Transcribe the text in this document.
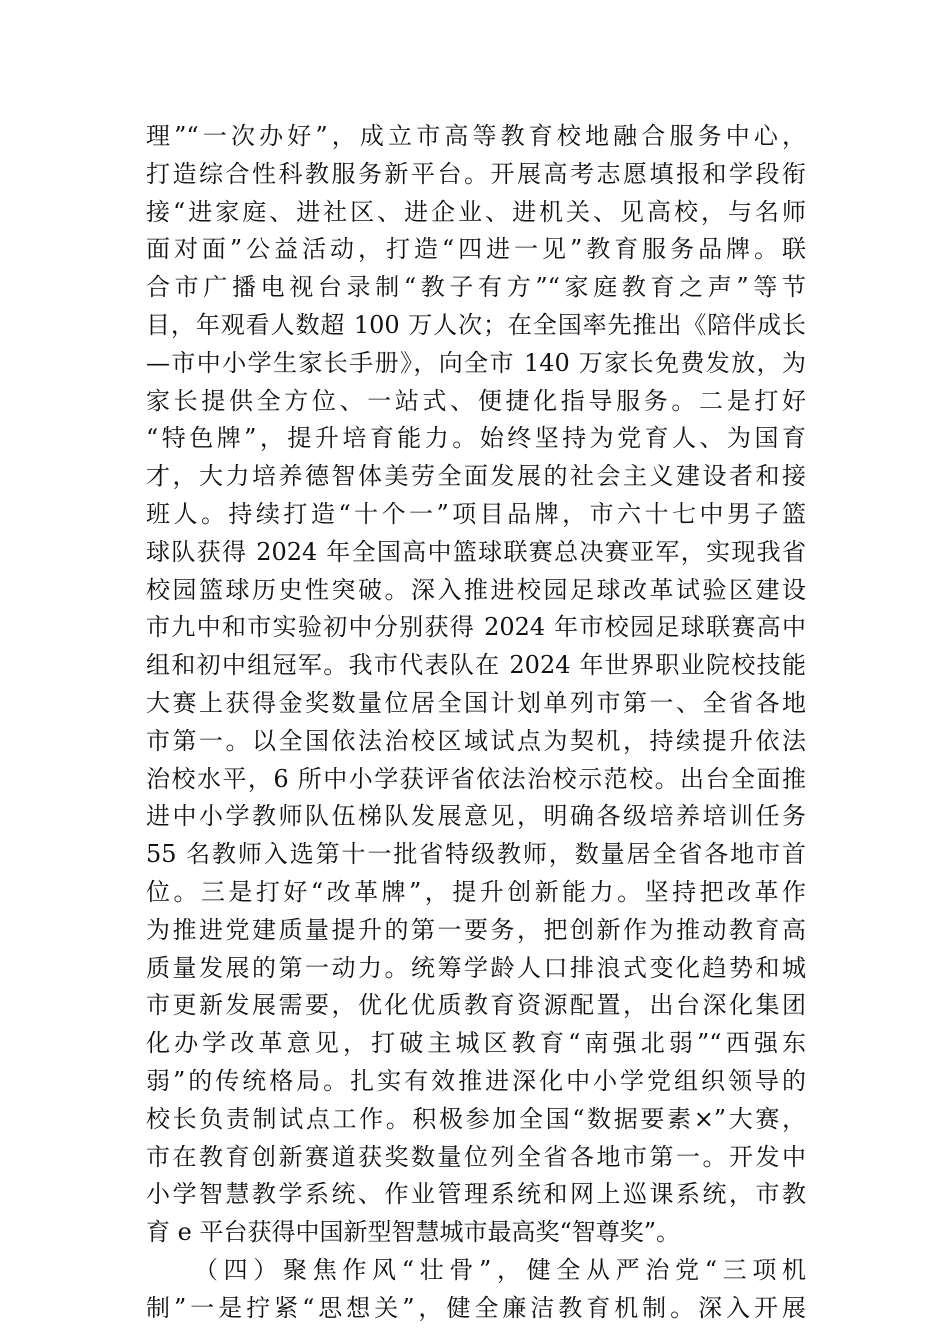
理”“一次办好”，成立市高等教育校地融合服务中心，
打造综合性科教服务新平台。开展高考志愿填报和学段衔
接“进家庭、进社区、进企业、进机关、见高校，与名师
面对面”公益活动，打造“四进一见”教育服务品牌。联
合市广播电视台录制“教子有方”“家庭教育之声”等节
目，年观看人数超 100 万人次；在全国率先推出《陪伴成长
—市中小学生家长手册》，向全市 140 万家长免费发放，为
家长提供全方位、一站式、便捷化指导服务。二是打好
“特色牌”，提升培育能力。始终坚持为党育人、为国育
才，大力培养德智体美劳全面发展的社会主义建设者和接
班人。持续打造“十个一”项目品牌，市六十七中男子篮
球队获得 2024 年全国高中篮球联赛总决赛亚军，实现我省
校园篮球历史性突破。深入推进校园足球改革试验区建设
市九中和市实验初中分别获得 2024 年市校园足球联赛高中
组和初中组冠军。我市代表队在 2024 年世界职业院校技能
大赛上获得金奖数量位居全国计划单列市第一、全省各地
市第一。以全国依法治校区域试点为契机，持续提升依法
治校水平，6 所中小学获评省依法治校示范校。出台全面推
进中小学教师队伍梯队发展意见，明确各级培养培训任务
55 名教师入选第十一批省特级教师，数量居全省各地市首
位。三是打好“改革牌”，提升创新能力。坚持把改革作
为推进党建质量提升的第一要务，把创新作为推动教育高
质量发展的第一动力。统筹学龄人口排浪式变化趋势和城
市更新发展需要，优化优质教育资源配置，出台深化集团
化办学改革意见，打破主城区教育“南强北弱”“西强东
弱”的传统格局。扎实有效推进深化中小学党组织领导的
校长负责制试点工作。积极参加全国“数据要素×”大赛，
市在教育创新赛道获奖数量位列全省各地市第一。开发中
小学智慧教学系统、作业管理系统和网上巡课系统，市教
育 e 平台获得中国新型智慧城市最高奖“智尊奖”。
（四）聚焦作风“壮骨”，健全从严治党“三项机
制”一是拧紧“思想关”，健全廉洁教育机制。深入开展
